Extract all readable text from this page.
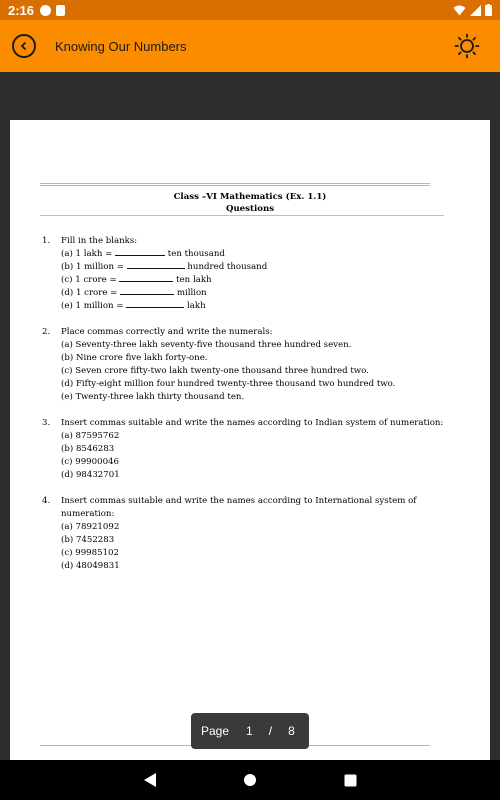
2:16
Knowing Our Numbers
Class –VI Mathematics (Ex. 1.1)
Questions
1. Fill in the blanks:
(a) 1 lakh =	ten thousand
(b) 1 million =	hundred thousand
(c) 1 crore =	ten lakh
(d) 1 crore =	million
(e) 1 million =	lakh
2. Place commas correctly and write the numerals:
(a) Seventy-three lakh seventy-five thousand three hundred seven.
(b) Nine crore five lakh forty-one.
(c) Seven crore fifty-two lakh twenty-one thousand three hundred two.
(d) Fifty-eight million four hundred twenty-three thousand two hundred two.
(e) Twenty-three lakh thirty thousand ten.
3. Insert commas suitable and write the names according to Indian system of numeration:
(a) 87595762
(b) 8546283
(c) 99900046
(d) 98432701
4. Insert commas suitable and write the names according to International system of numeration:
(a) 78921092
(b) 7452283
(c) 99985102
(d) 48049831
Page 1 / 8
